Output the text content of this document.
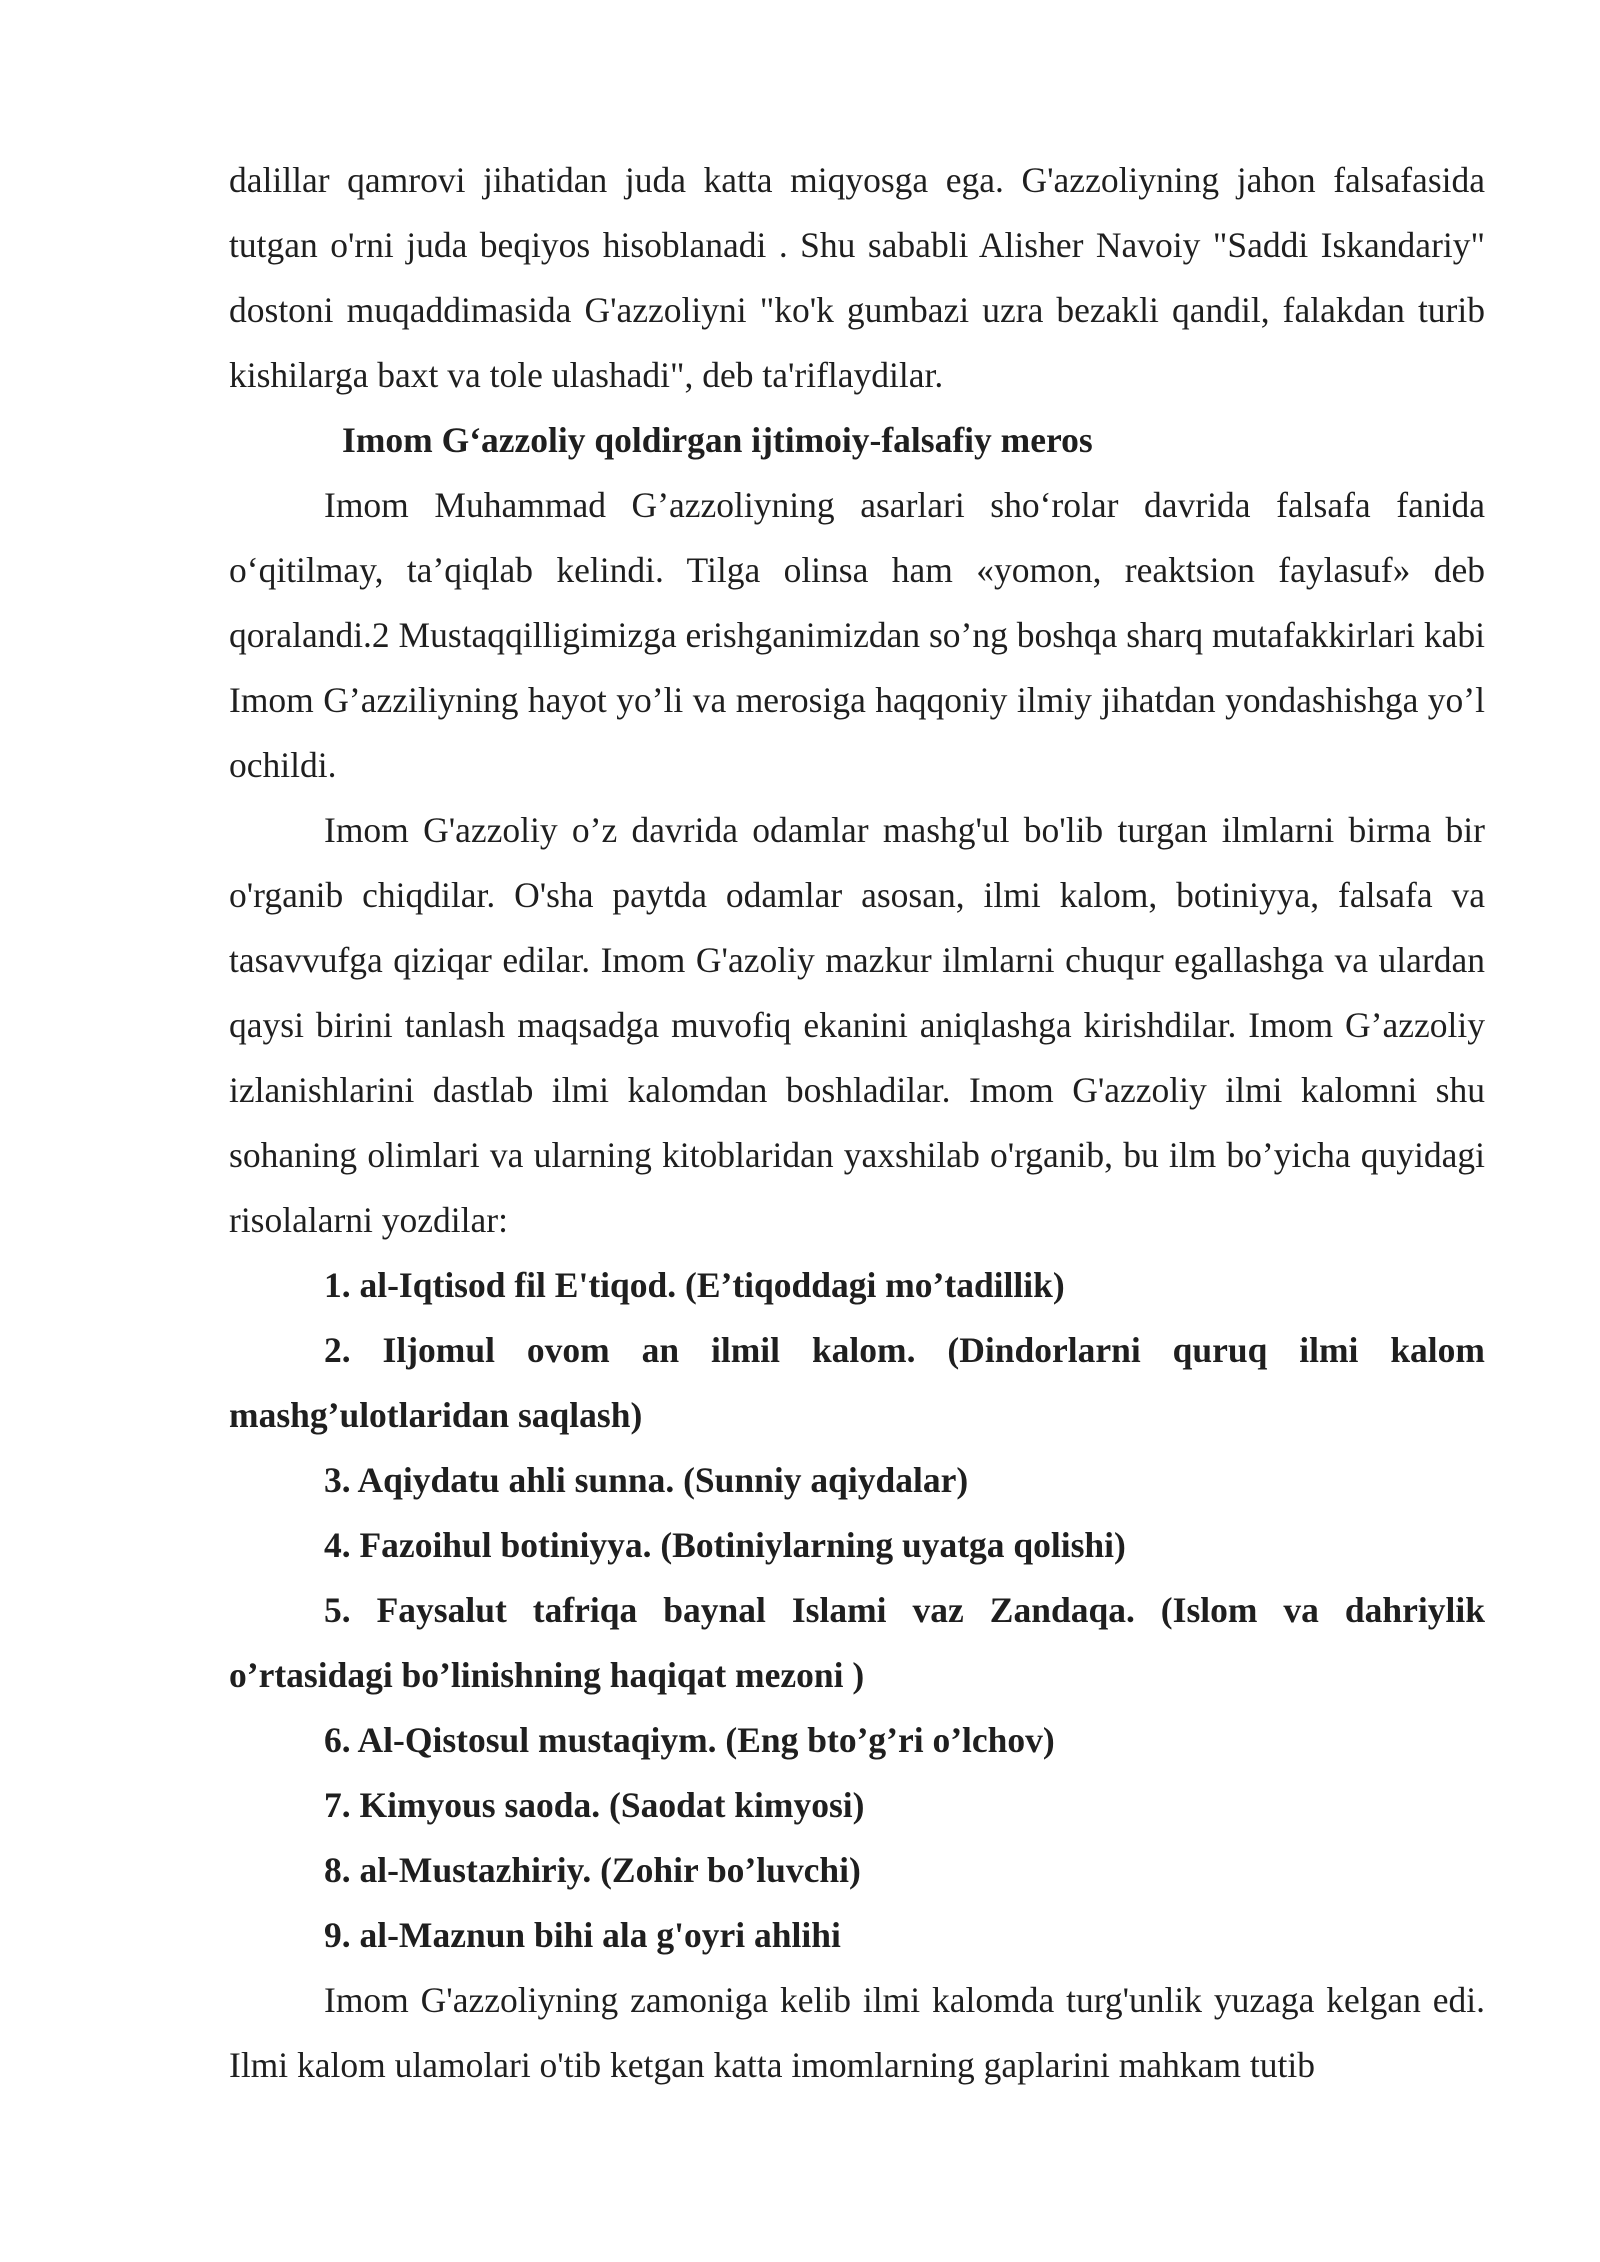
dalillar qamrovi jihatidan juda katta miqyosga ega. G'azzoliyning jahon falsafasida tutgan o'rni juda beqiyos hisoblanadi . Shu sababli Alisher Navoiy "Saddi Iskandariy" dostoni muqaddimasida G'azzoliyni "ko'k gumbazi uzra bezakli qandil, falakdan turib kishilarga baxt va tole ulashadi", deb ta'riflaydilar.

Imom G‘azzoliy qoldirgan ijtimoiy-falsafiy meros

Imom Muhammad G’azzoliyning asarlari sho‘rolar davrida falsafa fanida o‘qitilmay, ta’qiqlab kelindi. Tilga olinsa ham «yomon, reaktsion faylasuf» deb qoralandi.2 Mustaqqilligimizga erishganimizdan so’ng boshqa sharq mutafakkirlari kabi Imom G’azziliyning hayot yo’li va merosiga haqqoniy ilmiy jihatdan yondashishga yo’l ochildi.

Imom G'azzoliy o’z davrida odamlar mashg'ul bo'lib turgan ilmlarni birma bir o'rganib chiqdilar. O'sha paytda odamlar asosan, ilmi kalom, botiniyya, falsafa va tasavvufga qiziqar edilar. Imom G'azoliy mazkur ilmlarni chuqur egallashga va ulardan qaysi birini tanlash maqsadga muvofiq ekanini aniqlashga kirishdilar. Imom G’azzoliy izlanishlarini dastlab ilmi kalomdan boshladilar. Imom G'azzoliy ilmi kalomni shu sohaning olimlari va ularning kitoblaridan yaxshilab o'rganib, bu ilm bo’yicha quyidagi risolalarni yozdilar:

1. al-Iqtisod fil E'tiqod. (E’tiqoddagi mo’tadillik)

2. Iljomul ovom an ilmil kalom. (Dindorlarni quruq ilmi kalom mashg’ulotlaridan saqlash)

3. Aqiydatu ahli sunna. (Sunniy aqiydalar)

4. Fazoihul botiniyya. (Botiniylarning uyatga qolishi)

5. Faysalut tafriqa baynal Islami vaz Zandaqa. (Islom va dahriylik o’rtasidagi bo’linishning haqiqat mezoni )

6. Al-Qistosul mustaqiym. (Eng bto’g’ri o’lchov)

7. Kimyous saoda. (Saodat kimyosi)

8. al-Mustazhiriy. (Zohir bo’luvchi)

9. al-Maznun bihi ala g'oyri ahlihi

Imom G'azzoliyning zamoniga kelib ilmi kalomda turg'unlik yuzaga kelgan edi. Ilmi kalom ulamolari o'tib ketgan katta imomlarning gaplarini mahkam tutib
